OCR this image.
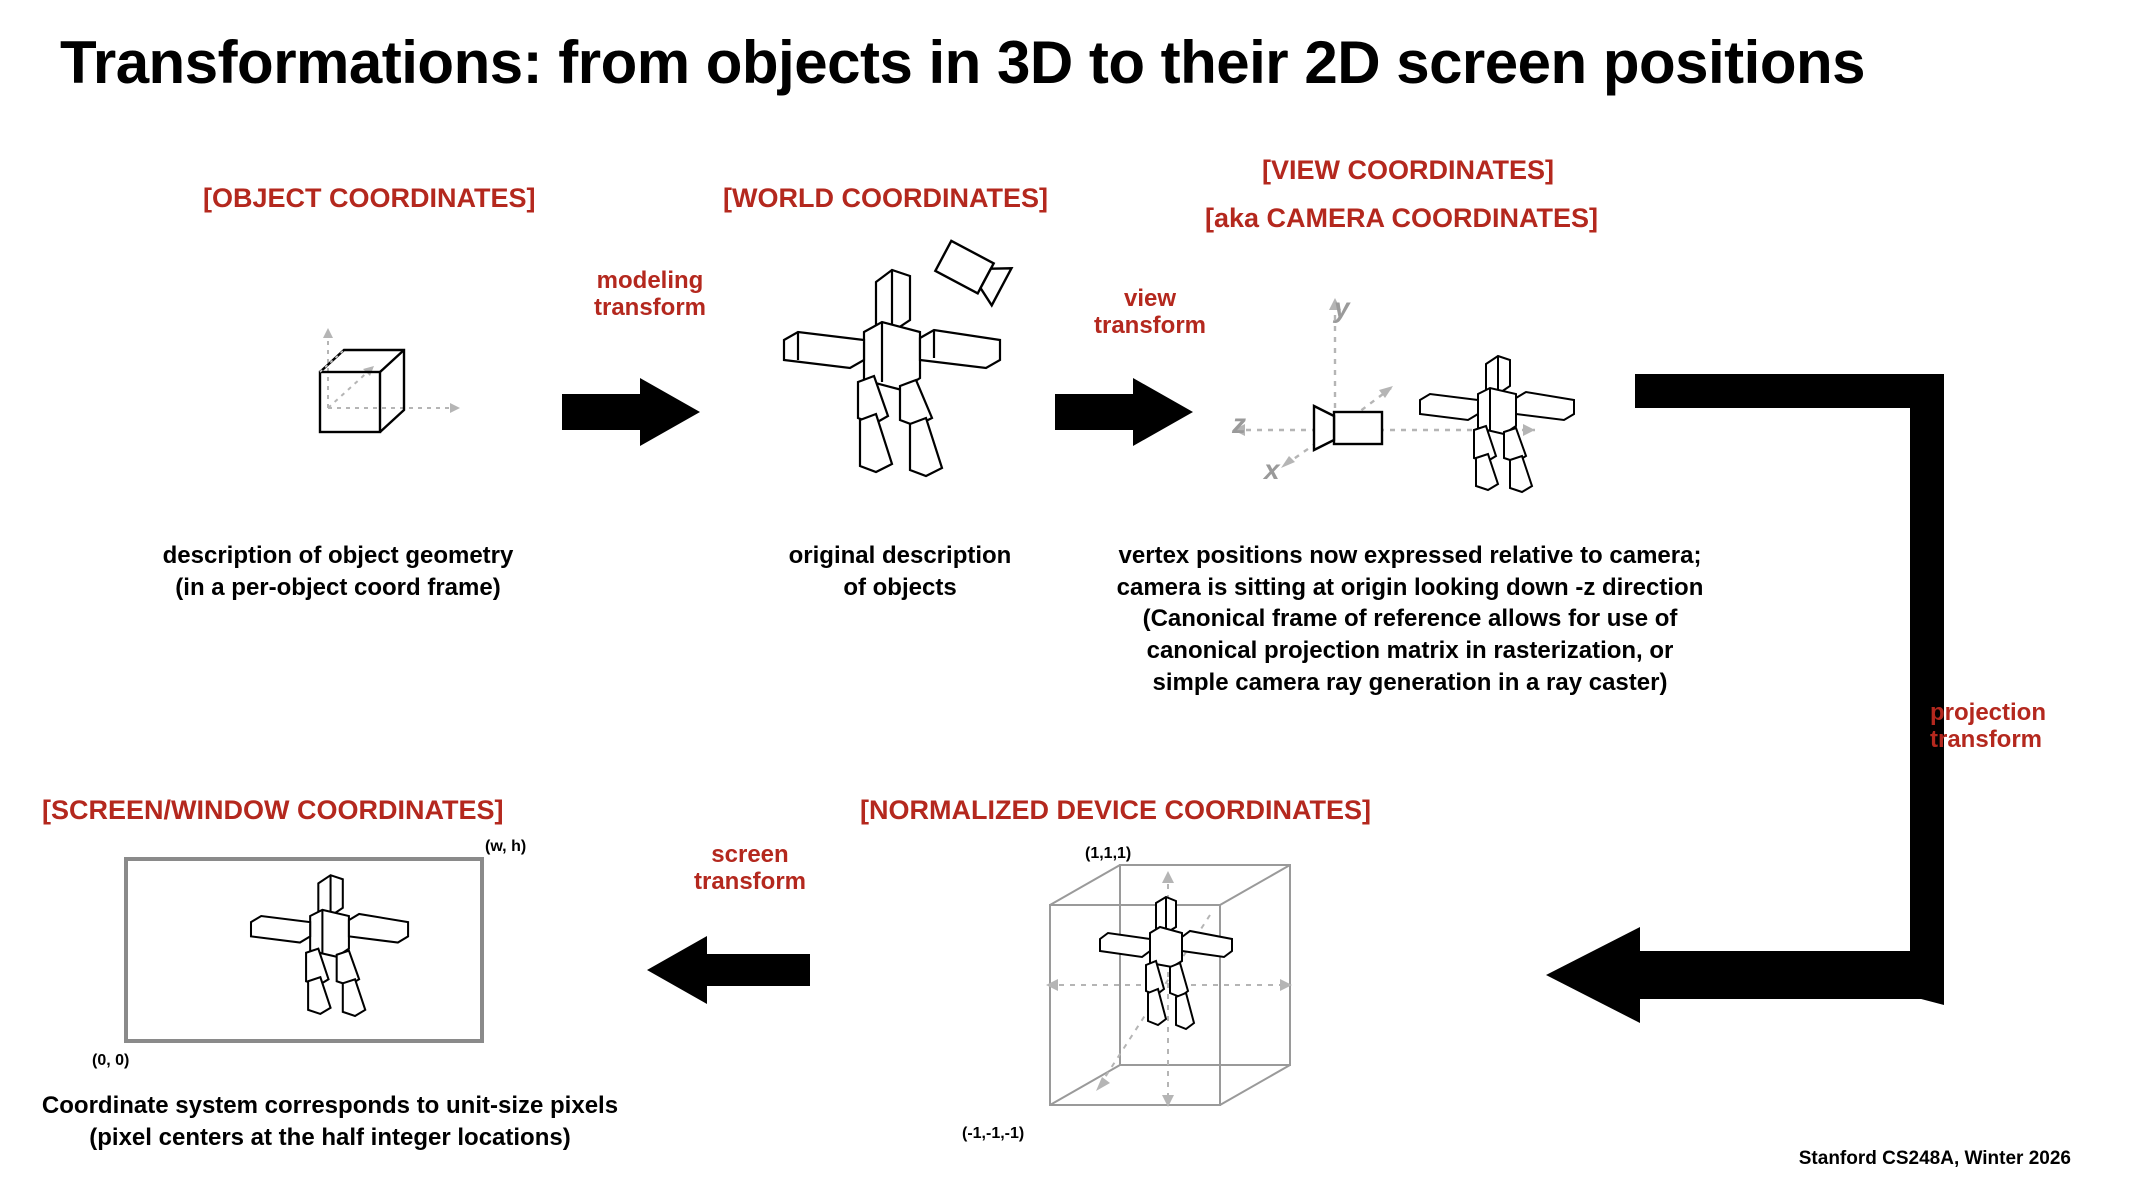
Transformations: from objects in 3D to their 2D screen positions
[OBJECT COORDINATES]
description of object geometry
(in a per-object coord frame)
modeling
transform
[WORLD COORDINATES]
original description
of objects
view
transform
[VIEW COORDINATES]
[aka CAMERA COORDINATES]
y
z
x
vertex positions now expressed relative to camera;
camera is sitting at origin looking down -z direction
(Canonical frame of reference allows for use of
canonical projection matrix in rasterization, or
simple camera ray generation in a ray caster)
projection
transform
[NORMALIZED DEVICE COORDINATES]
(1,1,1)
(-1,-1,-1)
screen
transform
[SCREEN/WINDOW COORDINATES]
(w, h)
(0, 0)
Coordinate system corresponds to unit-size pixels
(pixel centers at the half integer locations)
Stanford CS248A, Winter 2026
